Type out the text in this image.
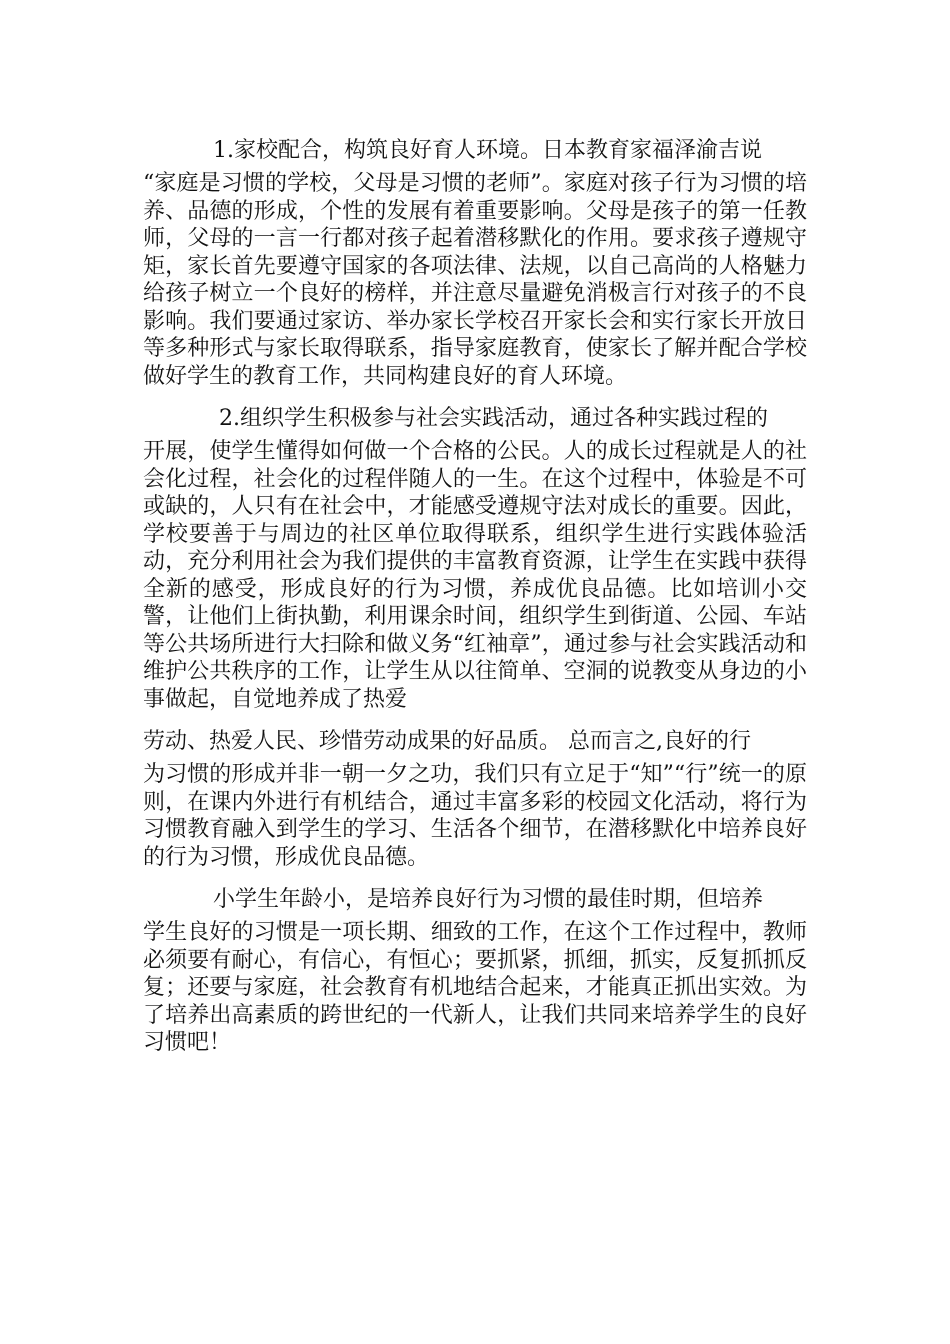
1.家校配合，构筑良好育人环境。日本教育家福泽渝吉说
“家庭是习惯的学校，父母是习惯的老师”。家庭对孩子行为习惯的培养、品德的形成，个性的发展有着重要影响。父母是孩子的第一任教师，父母的一言一行都对孩子起着潜移默化的作用。要求孩子遵规守矩，家长首先要遵守国家的各项法律、法规，以自己高尚的人格魅力给孩子树立一个良好的榜样，并注意尽量避免消极言行对孩子的不良影响。我们要通过家访、举办家长学校召开家长会和实行家长开放日等多种形式与家长取得联系，指导家庭教育，使家长了解并配合学校做好学生的教育工作，共同构建良好的育人环境。
2.组织学生积极参与社会实践活动，通过各种实践过程的
开展，使学生懂得如何做一个合格的公民。人的成长过程就是人的社会化过程，社会化的过程伴随人的一生。在这个过程中，体验是不可或缺的，人只有在社会中，才能感受遵规守法对成长的重要。因此，学校要善于与周边的社区单位取得联系，组织学生进行实践体验活动，充分利用社会为我们提供的丰富教育资源，让学生在实践中获得全新的感受，形成良好的行为习惯，养成优良品德。比如培训小交警，让他们上街执勤，利用课余时间，组织学生到街道、公园、车站等公共场所进行大扫除和做义务“红袖章”，通过参与社会实践活动和维护公共秩序的工作，让学生从以往简单、空洞的说教变从身边的小事做起，自觉地养成了热爱
劳动、热爱人民、珍惜劳动成果的好品质。 总而言之,良好的行
为习惯的形成并非一朝一夕之功，我们只有立足于“知”“行”统一的原则，在课内外进行有机结合，通过丰富多彩的校园文化活动，将行为习惯教育融入到学生的学习、生活各个细节，在潜移默化中培养良好的行为习惯，形成优良品德。
小学生年龄小，是培养良好行为习惯的最佳时期，但培养
学生良好的习惯是一项长期、细致的工作，在这个工作过程中，教师必须要有耐心，有信心，有恒心；要抓紧，抓细，抓实，反复抓抓反复；还要与家庭，社会教育有机地结合起来，才能真正抓出实效。为了培养出高素质的跨世纪的一代新人，让我们共同来培养学生的良好习惯吧！
